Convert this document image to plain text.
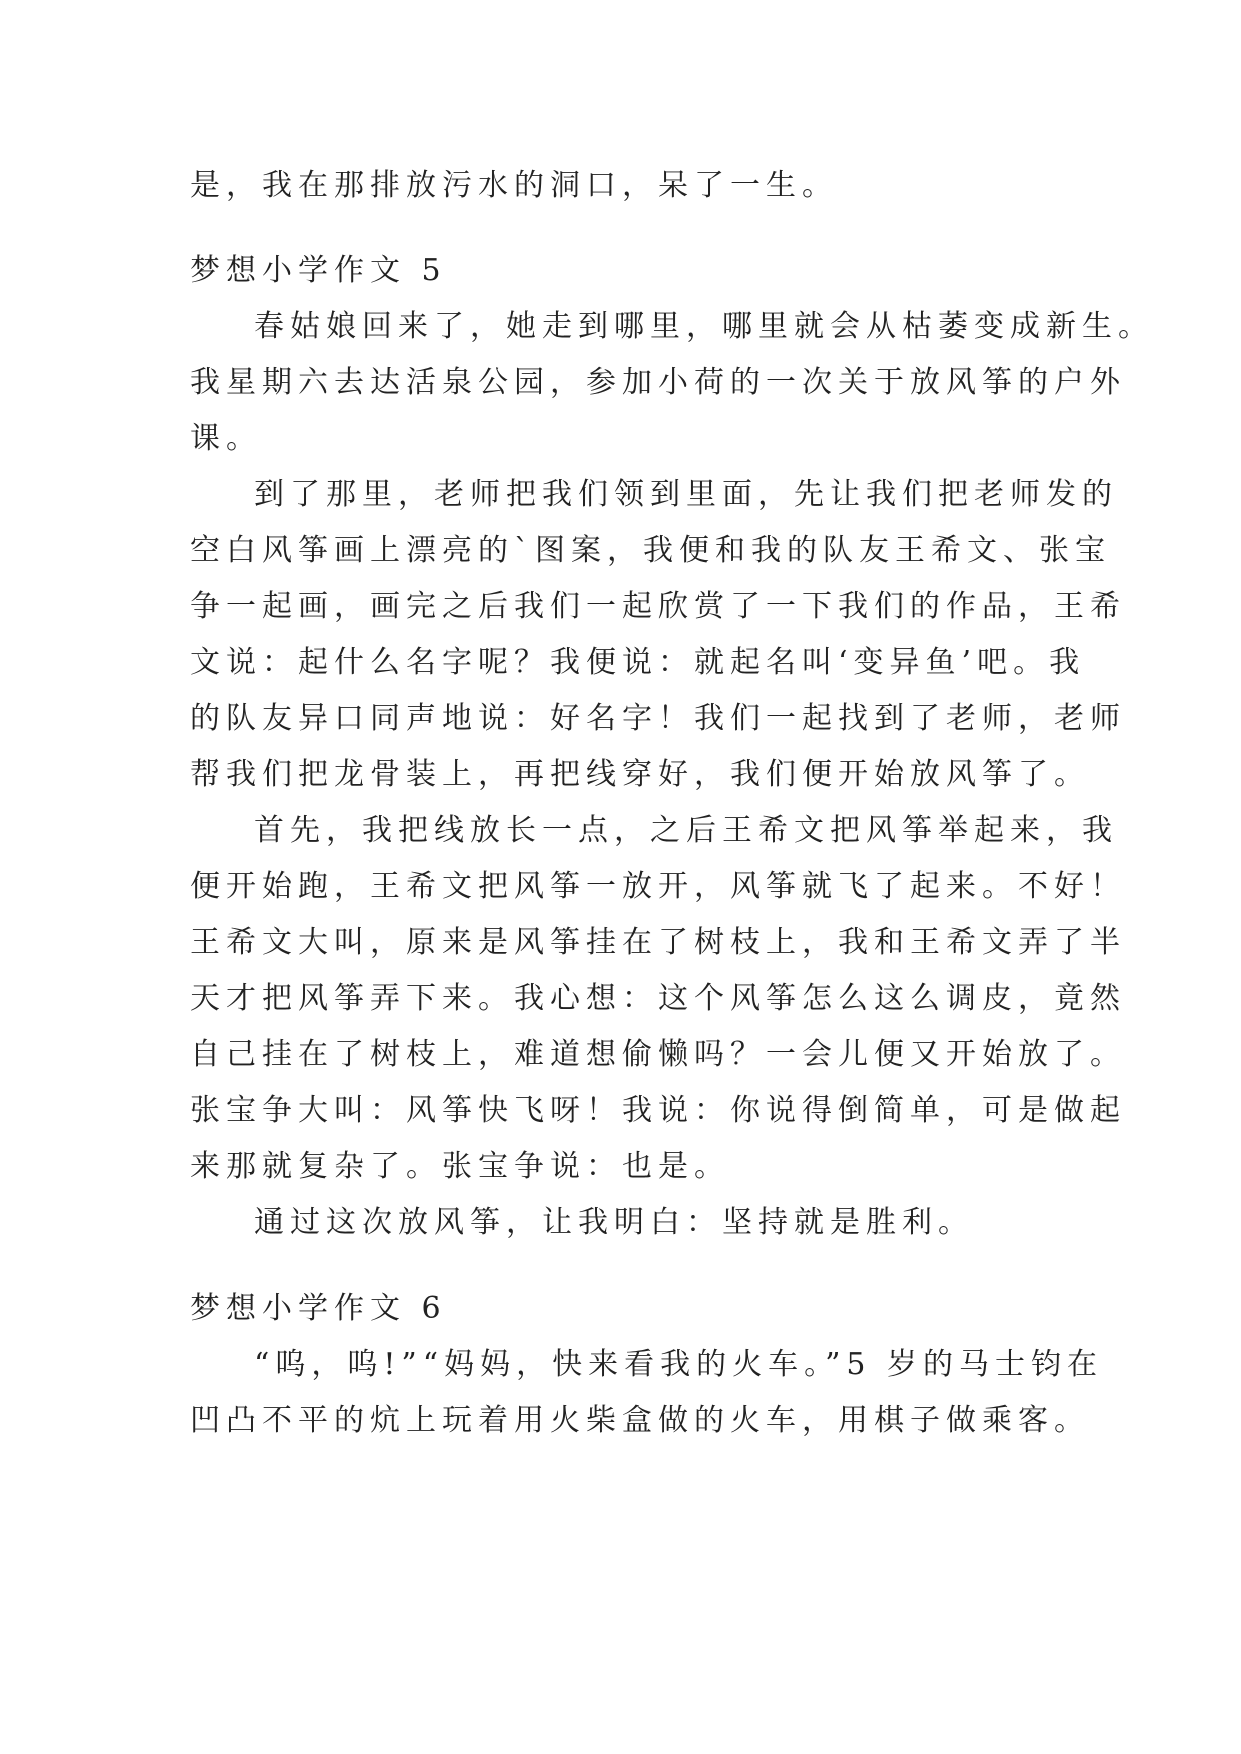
是，我在那排放污水的洞口，呆了一生。
梦想小学作文 5
春姑娘回来了，她走到哪里，哪里就会从枯萎变成新生。
我星期六去达活泉公园，参加小荷的一次关于放风筝的户外
课。
到了那里，老师把我们领到里面，先让我们把老师发的
空白风筝画上漂亮的`图案，我便和我的队友王希文、张宝
争一起画，画完之后我们一起欣赏了一下我们的作品，王希
文说：起什么名字呢？我便说：就起名叫‘变异鱼’吧。我
的队友异口同声地说：好名字！我们一起找到了老师，老师
帮我们把龙骨装上，再把线穿好，我们便开始放风筝了。
首先，我把线放长一点，之后王希文把风筝举起来，我
便开始跑，王希文把风筝一放开，风筝就飞了起来。不好！
王希文大叫，原来是风筝挂在了树枝上，我和王希文弄了半
天才把风筝弄下来。我心想：这个风筝怎么这么调皮，竟然
自己挂在了树枝上，难道想偷懒吗？一会儿便又开始放了。
张宝争大叫：风筝快飞呀！我说：你说得倒简单，可是做起
来那就复杂了。张宝争说：也是。
通过这次放风筝，让我明白：坚持就是胜利。
梦想小学作文 6
“呜，呜!”“妈妈，快来看我的火车。”5 岁的马士钧在
凹凸不平的炕上玩着用火柴盒做的火车，用棋子做乘客。
